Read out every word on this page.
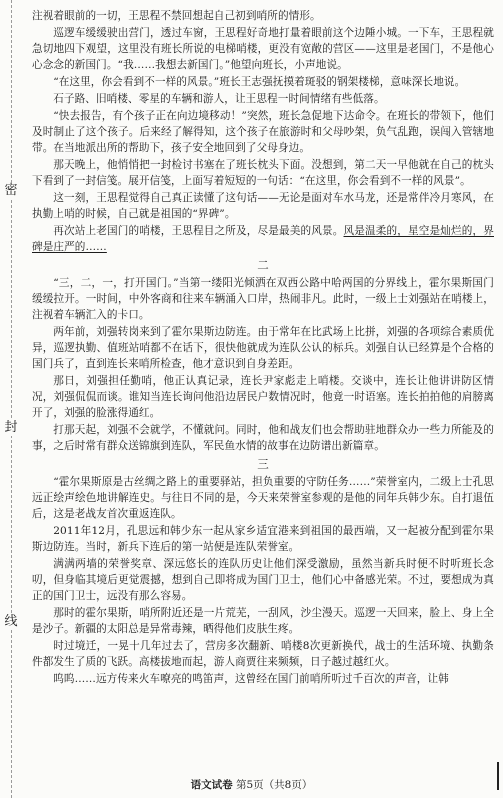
密
封
线

注视着眼前的一切，王思程不禁回想起自己初到哨所的情形。

巡逻车缓缓驶出营门，透过车窗，王思程好奇地打量着眼前这个边陲小城。一下车，王思程就急切地四下观望，这里没有班长所说的电梯哨楼，更没有宽敞的营区——这里是老国门，不是他心心念念的新国门。“我……我想去新国门。”他望向班长，小声地说。

“在这里，你会看到不一样的风景。”班长王志强抚摸着斑驳的钢架楼梯，意味深长地说。

石子路、旧哨楼、零星的车辆和游人，让王思程一时间情绪有些低落。

“快去报告，有个孩子正在向边境移动！”突然，班长急促地下达命令。在班长的带领下，他们及时制止了这个孩子。后来经了解得知，这个孩子在旅游时和父母吵架，负气乱跑，误闯入管辖地带。在当地派出所的帮助下，孩子安全地回到了父母身边。

那天晚上，他悄悄把一封检讨书塞在了班长枕头下面。没想到，第二天一早他就在自己的枕头下看到了一封信笺。展开信笺，上面写着短短的一句话：“在这里，你会看到不一样的风景”。

这一刻，王思程觉得自己真正读懂了这句话——无论是面对车水马龙，还是常伴冷月寒风，在执勤上哨的时候，自己就是祖国的“界碑”。

再次站上老国门的哨楼，王思程目之所及，尽是最美的风景。风是温柔的，星空是灿烂的，界碑是庄严的……

二

“三，二，一，打开国门。”当第一缕阳光倾洒在双西公路中哈两国的分界线上，霍尔果斯国门缓缓拉开。一时间，中外客商和往来车辆涌入口岸，热闹非凡。此时，一级上士刘强站在哨楼上，注视着车辆汇入的卡口。

两年前，刘强转岗来到了霍尔果斯边防连。由于常年在比武场上比拼，刘强的各项综合素质优异，巡逻执勤、值班站哨都不在话下，很快他就成为连队公认的标兵。刘强自认已经算是个合格的国门兵了，直到连长来哨所检查，他才意识到自身差距。

那日，刘强担任勤哨，他正认真记录，连长尹家彪走上哨楼。交谈中，连长让他讲讲防区情况，刘强侃侃而谈。谁知当连长询问他沿边居民户数情况时，他竟一时语塞。连长拍拍他的肩膀离开了，刘强的脸涨得通红。

打那天起，刘强不会就学，不懂就问。同时，他和战友们也会帮助驻地群众办一些力所能及的事，之后时常有群众送锦旗到连队，军民鱼水情的故事在边防谱出新篇章。

三

“霍尔果斯原是古丝绸之路上的重要驿站，担负重要的守防任务……”荣誉室内，二级上士孔思远正绘声绘色地讲解连史。与往日不同的是，今天来荣誉室参观的是他的同年兵韩少东。自打退伍后，这是老战友首次重返连队。

2011年12月，孔思远和韩少东一起从家乡适宜港来到祖国的最西端，又一起被分配到霍尔果斯边防连。当时，新兵下连后的第一站便是连队荣誉室。

满满两墙的荣誉奖章、深远悠长的连队历史让他们深受激励，虽然当新兵时便不时听班长念叨，但身临其境后更觉震撼，想到自己即将成为国门卫士，他们心中备感光荣。不过，要想成为真正的国门卫士，远没有那么容易。

那时的霍尔果斯，哨所附近还是一片荒芜，一刮风，沙尘漫天。巡逻一天回来，脸上、身上全是沙子。新疆的太阳总是异常毒辣，晒得他们皮肤生疼。

时过境迁，一晃十几年过去了，营房多次翻新、哨楼8次更新换代，战士的生活环境、执勤条件都发生了质的飞跃。高楼拔地而起，游人商贾往来频频，日子越过越红火。

呜呜……远方传来火车嘹亮的鸣笛声，这曾经在国门前哨所听过千百次的声音，让韩

语文试卷 第5页（共8页）
